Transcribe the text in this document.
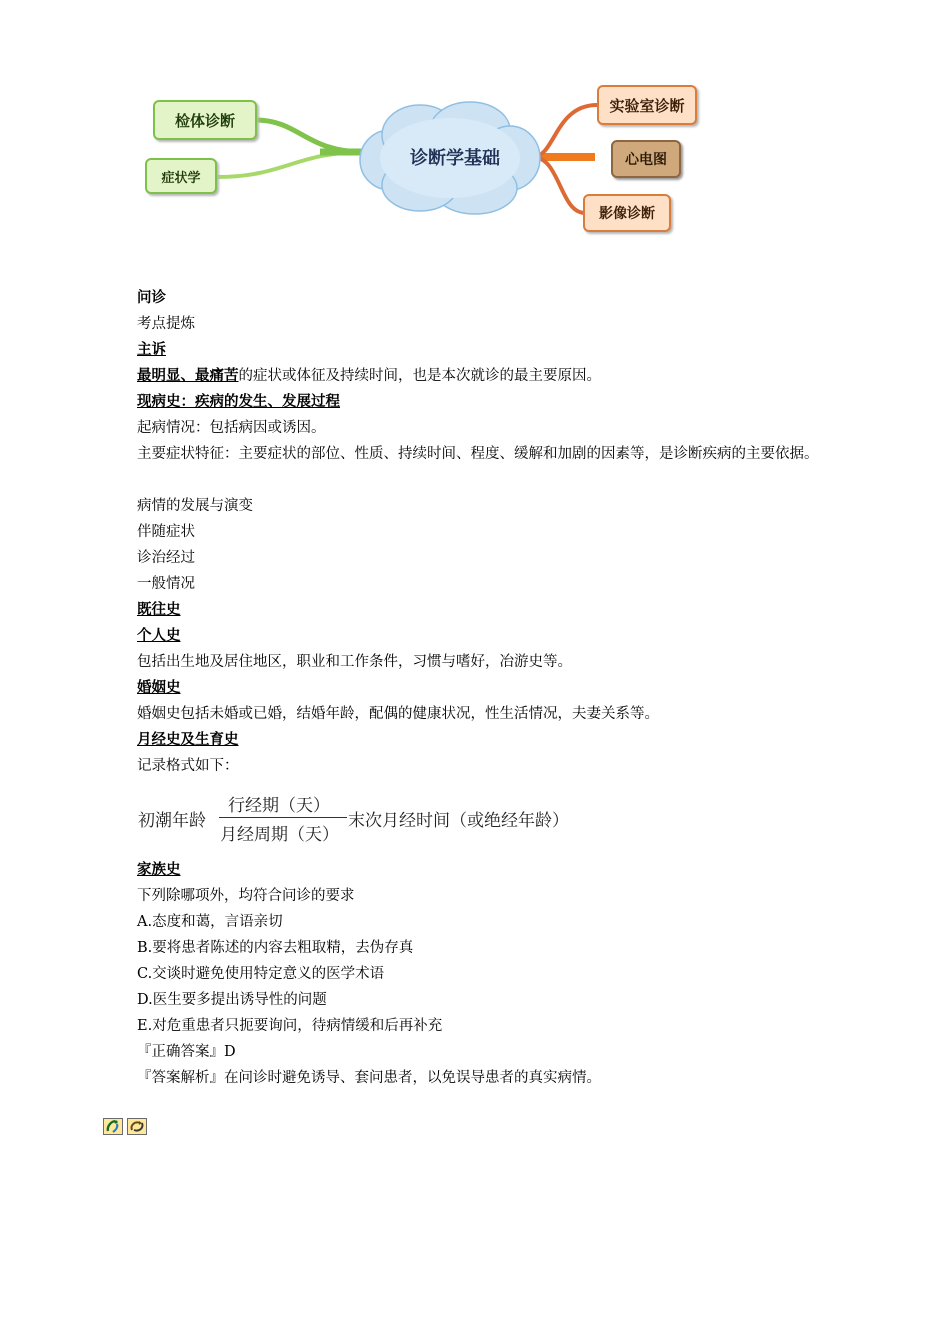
诊断学基础
检体诊断
症状学
实验室诊断
心电图
影像诊断
问诊
考点提炼
主诉
最明显、最痛苦的症状或体征及持续时间，也是本次就诊的最主要原因。
现病史：疾病的发生、发展过程
起病情况：包括病因或诱因。
主要症状特征：主要症状的部位、性质、持续时间、程度、缓解和加剧的因素等，是诊断疾病的主要依据。
病情的发展与演变
伴随症状
诊治经过
一般情况
既往史
个人史
包括出生地及居住地区，职业和工作条件，习惯与嗜好，冶游史等。
婚姻史
婚姻史包括未婚或已婚，结婚年龄，配偶的健康状况，性生活情况，夫妻关系等。
月经史及生育史
记录格式如下：
家族史
下列除哪项外，均符合问诊的要求
A.态度和蔼，言语亲切
B.要将患者陈述的内容去粗取精，去伪存真
C.交谈时避免使用特定意义的医学术语
D.医生要多提出诱导性的问题
E.对危重患者只扼要询问，待病情缓和后再补充
『正确答案』D
『答案解析』在问诊时避免诱导、套问患者，以免误导患者的真实病情。
初潮年龄
行经期（天）
月经周期（天）
末次月经时间（或绝经年龄）
